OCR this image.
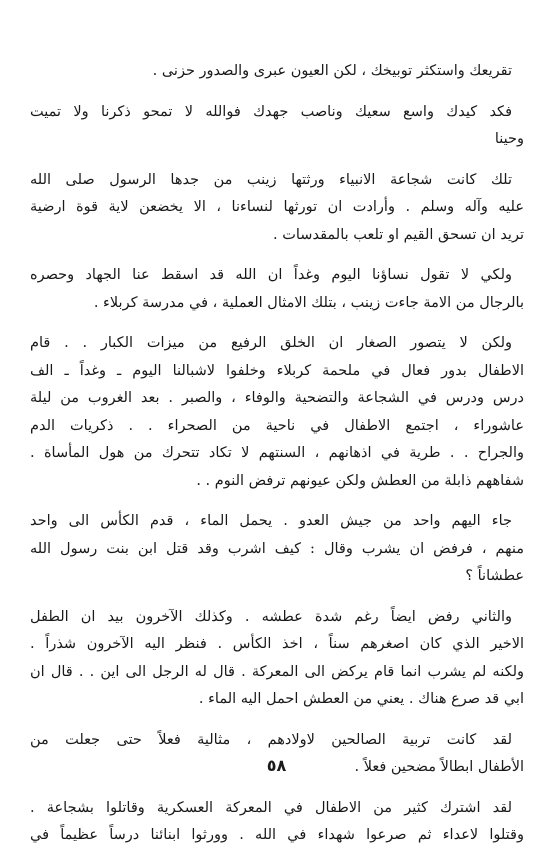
تقريعك واستكثر توبيخك ، لكن العيون عبرى والصدور حزنى .
فكد كيدك واسع سعيك وناصب جهدك فوالله لا تمحو ذكرنا ولا تميت
وحينا
تلك كانت شجاعة الانبياء ورثتها زينب من جدها الرسول صلى الله
عليه وآله وسلم . وأرادت ان تورثها لنساءنا ، الا يخضعن لاية قوة ارضية
تريد ان تسحق القيم او تلعب بالمقدسات .
ولكي لا تقول نساؤنا اليوم وغداً ان الله قد اسقط عنا الجهاد وحصره
بالرجال من الامة جاءت زينب ، بتلك الامثال العملية ، في مدرسة كربلاء .
ولكن لا يتصور الصغار ان الخلق الرفيع من ميزات الكبار . . قام
الاطفال بدور فعال في ملحمة كربلاء وخلفوا لاشبالنا اليوم ـ وغداً ـ الف
درس ودرس في الشجاعة والتضحية والوفاء ، والصبر . بعد الغروب من ليلة
عاشوراء ، اجتمع الاطفال في ناحية من الصحراء . . ذكريات الدم
والجراح . . طرية في اذهانهم ، السنتهم لا تكاد تتحرك من هول المأساة .
شفاههم ذابلة من العطش ولكن عيونهم ترفض النوم . .
جاء اليهم واحد من جيش العدو . يحمل الماء ، قدم الكأس الى واحد
منهم ، فرفض ان يشرب وقال : كيف اشرب وقد قتل ابن بنت رسول الله
عطشاناً ؟
والثاني رفض ايضاً رغم شدة عطشه . وكذلك الآخرون بيد ان الطفل
الاخير الذي كان اصغرهم سناً ، اخذ الكأس . فنظر اليه الآخرون شذراً .
ولكنه لم يشرب انما قام يركض الى المعركة . قال له الرجل الى اين . . قال ان
ابي قد صرع هناك . يعني من العطش احمل اليه الماء .
لقد كانت تربية الصالحين لاولادهم ، مثالية فعلاً حتى جعلت من
الأطفال ابطالاً مضحين فعلاً .
لقد اشترك كثير من الاطفال في المعركة العسكرية وقاتلوا بشجاعة .
وقتلوا لاعداء ثم صرعوا شهداء في الله . وورثوا ابنائنا درساً عظيماً في
٥٨
